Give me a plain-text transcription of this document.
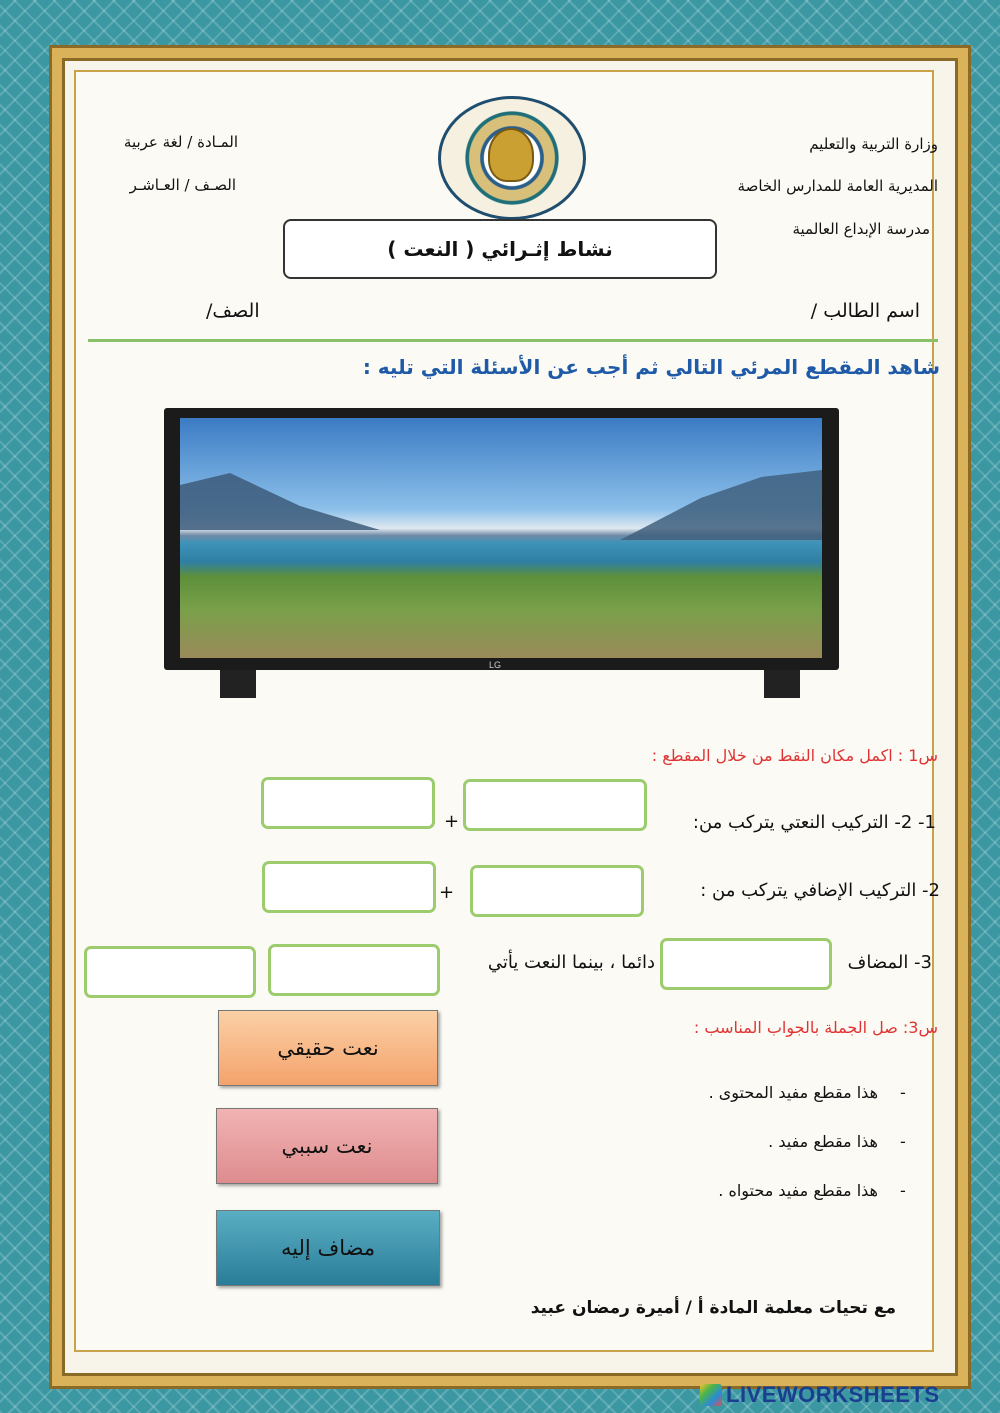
وزارة التربية والتعليم
المديرية العامة للمدارس الخاصة
مدرسة الإبداع العالمية
المـادة / لغة عربية
الصـف / العـاشـر
نشاط إثـرائي ( النعت )
اسم الطالب /
الصف/
شاهد المقطع المرئي التالي ثم أجب عن الأسئلة التي تليه :
LG
س1 : اكمل مكان النقط من خلال المقطع :
1- 2- التركيب النعتي يتركب من:
+
2- التركيب الإضافي يتركب من :
+
3- المضاف
دائما ، بينما النعت يأتي
س3: صل الجملة بالجواب المناسب :
نعت حقيقي
نعت سببي
مضاف إليه
-
هذا مقطع مفيد المحتوى .
-
هذا مقطع مفيد .
-
هذا مقطع مفيد محتواه .
مع تحيات معلمة المادة أ / أميرة رمضان عبيد
LIVEWORKSHEETS
